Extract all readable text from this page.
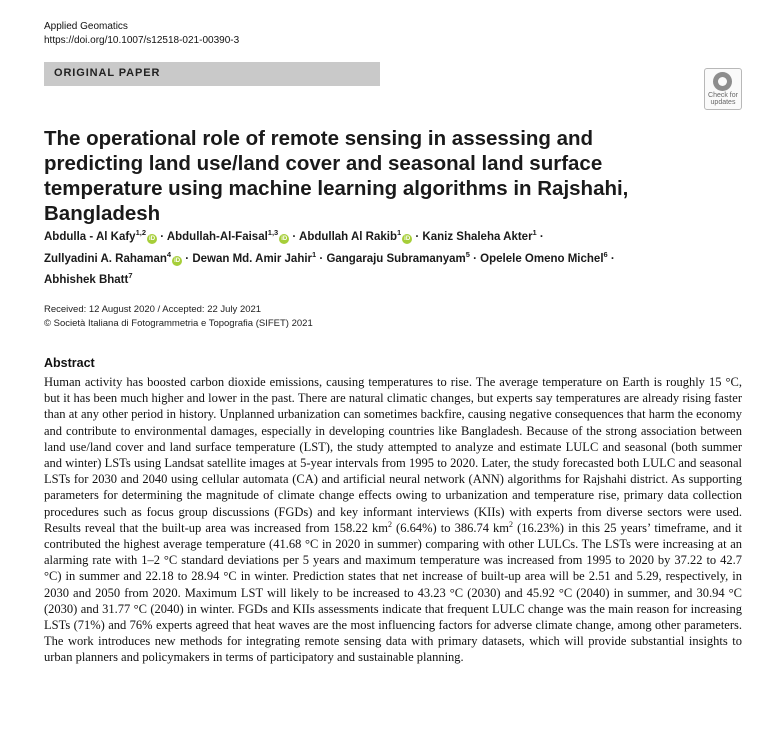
Applied Geomatics
https://doi.org/10.1007/s12518-021-00390-3
ORIGINAL PAPER
Check for
updates
The operational role of remote sensing in assessing and predicting land use/land cover and seasonal land surface temperature using machine learning algorithms in Rajshahi, Bangladesh
Abdulla - Al Kafy$^{1,2}$iD · Abdullah-Al-Faisal$^{1,3}$iD · Abdullah Al Rakib$^1$iD · Kaniz Shaleha Akter$^1$ ·
Zullyadini A. Rahaman$^4$iD · Dewan Md. Amir Jahir$^1$ · Gangaraju Subramanyam$^5$ · Opelele Omeno Michel$^6$ ·
Abhishek Bhatt$^7$
Received: 12 August 2020 / Accepted: 22 July 2021
© Società Italiana di Fotogrammetria e Topografia (SIFET) 2021
Abstract
Human activity has boosted carbon dioxide emissions, causing temperatures to rise. The average temperature on Earth is roughly 15 °C, but it has been much higher and lower in the past. There are natural climatic changes, but experts say temperatures are already rising faster than at any other period in history. Unplanned urbanization can sometimes backfire, causing negative consequences that harm the economy and contribute to environmental damages, especially in developing countries like Bangladesh. Because of the strong association between land use/land cover and land surface temperature (LST), the study attempted to analyze and estimate LULC and seasonal (both summer and winter) LSTs using Landsat satellite images at 5-year intervals from 1995 to 2020. Later, the study forecasted both LULC and seasonal LSTs for 2030 and 2040 using cellular automata (CA) and artificial neural network (ANN) algorithms for Rajshahi district. As supporting parameters for determining the magnitude of climate change effects owing to urbanization and temperature rise, primary data collection procedures such as focus group discussions (FGDs) and key informant interviews (KIIs) with experts from diverse sectors were used. Results reveal that the built-up area was increased from 158.22 $km^2$ (6.64%) to 386.74 $km^2$ (16.23%) in this 25 years’ timeframe, and it contributed the highest average temperature (41.68 °C in 2020 in summer) comparing with other LULCs. The LSTs were increasing at an alarming rate with 1–2 °C standard deviations per 5 years and maximum temperature was increased from 1995 to 2020 by 37.22 to 42.7 °C) in summer and 22.18 to 28.94 °C in winter. Prediction states that net increase of built-up area will be 2.51 and 5.29, respectively, in 2030 and 2050 from 2020. Maximum LST will likely to be increased to 43.23 °C (2030) and 45.92 °C (2040) in summer, and 30.94 °C (2030) and 31.77 °C (2040) in winter. FGDs and KIIs assessments indicate that frequent LULC change was the main reason for increasing LSTs (71%) and 76% experts agreed that heat waves are the most influencing factors for adverse climate change, among other parameters. The work introduces new methods for integrating remote sensing data with primary datasets, which will provide substantial insights to urban planners and policymakers in terms of participatory and sustainable planning.
